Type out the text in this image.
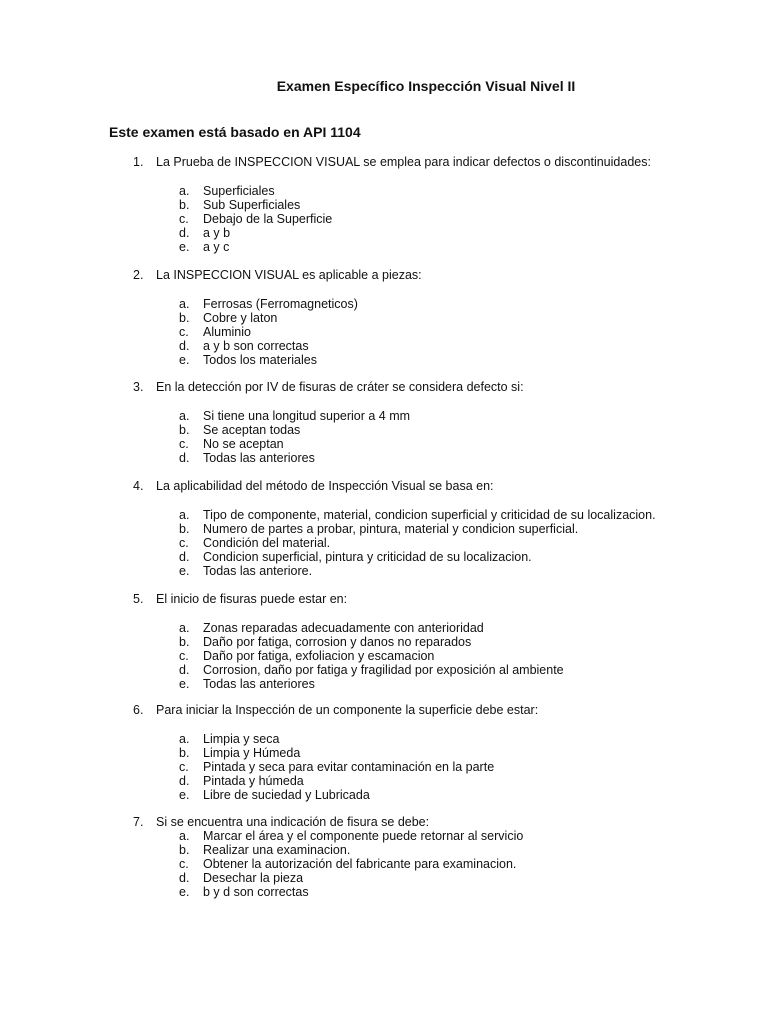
Examen Específico Inspección Visual Nivel II
Este examen está basado en API 1104
1. La Prueba de INSPECCION VISUAL se emplea para indicar defectos o discontinuidades:
a. Superficiales
b. Sub Superficiales
c. Debajo de la Superficie
d. a y b
e. a y c
2. La INSPECCION VISUAL es aplicable a piezas:
a. Ferrosas (Ferromagneticos)
b. Cobre y laton
c. Aluminio
d. a y b son correctas
e. Todos los materiales
3. En la detección por IV de fisuras de cráter se considera defecto si:
a. Si tiene una longitud superior a 4 mm
b. Se aceptan todas
c. No se aceptan
d. Todas las anteriores
4. La aplicabilidad del método de Inspección Visual se basa en:
a. Tipo de componente, material, condicion superficial y criticidad de su localizacion.
b. Numero de partes a probar, pintura, material y condicion superficial.
c. Condición del material.
d. Condicion superficial, pintura y criticidad de su localizacion.
e. Todas las anteriore.
5. El inicio de fisuras puede estar en:
a. Zonas reparadas adecuadamente con anterioridad
b. Daño por fatiga, corrosion y danos no reparados
c. Daño por fatiga, exfoliacion y escamacion
d. Corrosion, daño por fatiga y fragilidad por exposición al ambiente
e. Todas las anteriores
6. Para iniciar la Inspección de un componente la superficie debe estar:
a. Limpia y seca
b. Limpia y Húmeda
c. Pintada y seca para evitar contaminación en la parte
d. Pintada y húmeda
e. Libre de suciedad y Lubricada
7. Si se encuentra una indicación de fisura se debe:
a. Marcar el área y el componente puede retornar al servicio
b. Realizar una examinacion.
c. Obtener la autorización del fabricante para examinacion.
d. Desechar la pieza
e. b y d son correctas
